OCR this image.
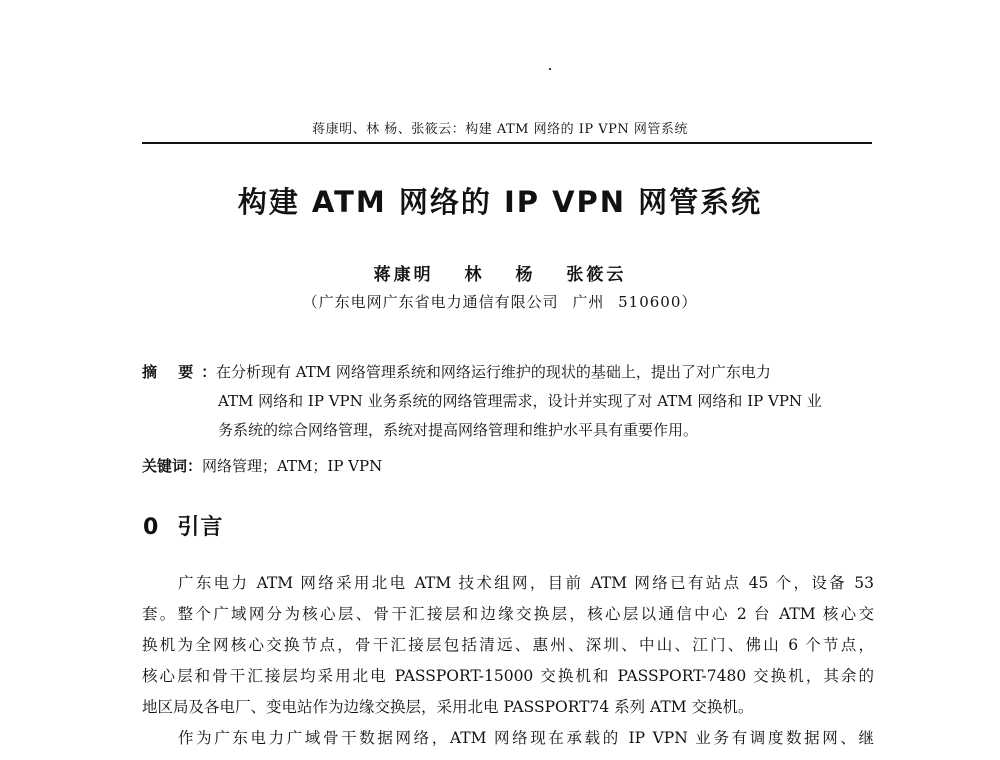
蒋康明、林 杨、张筱云：构建 ATM 网络的 IP VPN 网管系统
构建 ATM 网络的 IP VPN 网管系统
蒋康明 林 杨 张筱云
（广东电网广东省电力通信有限公司 广州 510600）
摘 要：
在分析现有 ATM 网络管理系统和网络运行维护的现状的基础上，提出了对广东电力
ATM 网络和 IP VPN 业务系统的网络管理需求，设计并实现了对 ATM 网络和 IP VPN 业
务系统的综合网络管理，系统对提高网络管理和维护水平具有重要作用。
关键词：网络管理；ATM；IP VPN
0 引言
广东电力 ATM 网络采用北电 ATM 技术组网，目前 ATM 网络已有站点 45 个，设备 53
套。整个广域网分为核心层、骨干汇接层和边缘交换层，核心层以通信中心 2 台 ATM 核心交
换机为全网核心交换节点，骨干汇接层包括清远、惠州、深圳、中山、江门、佛山 6 个节点，
核心层和骨干汇接层均采用北电 PASSPORT-15000 交换机和 PASSPORT-7480 交换机，其余的
地区局及各电厂、变电站作为边缘交换层，采用北电 PASSPORT74 系列 ATM 交换机。
作为广东电力广域骨干数据网络，ATM 网络现在承载的 IP VPN 业务有调度数据网、继
